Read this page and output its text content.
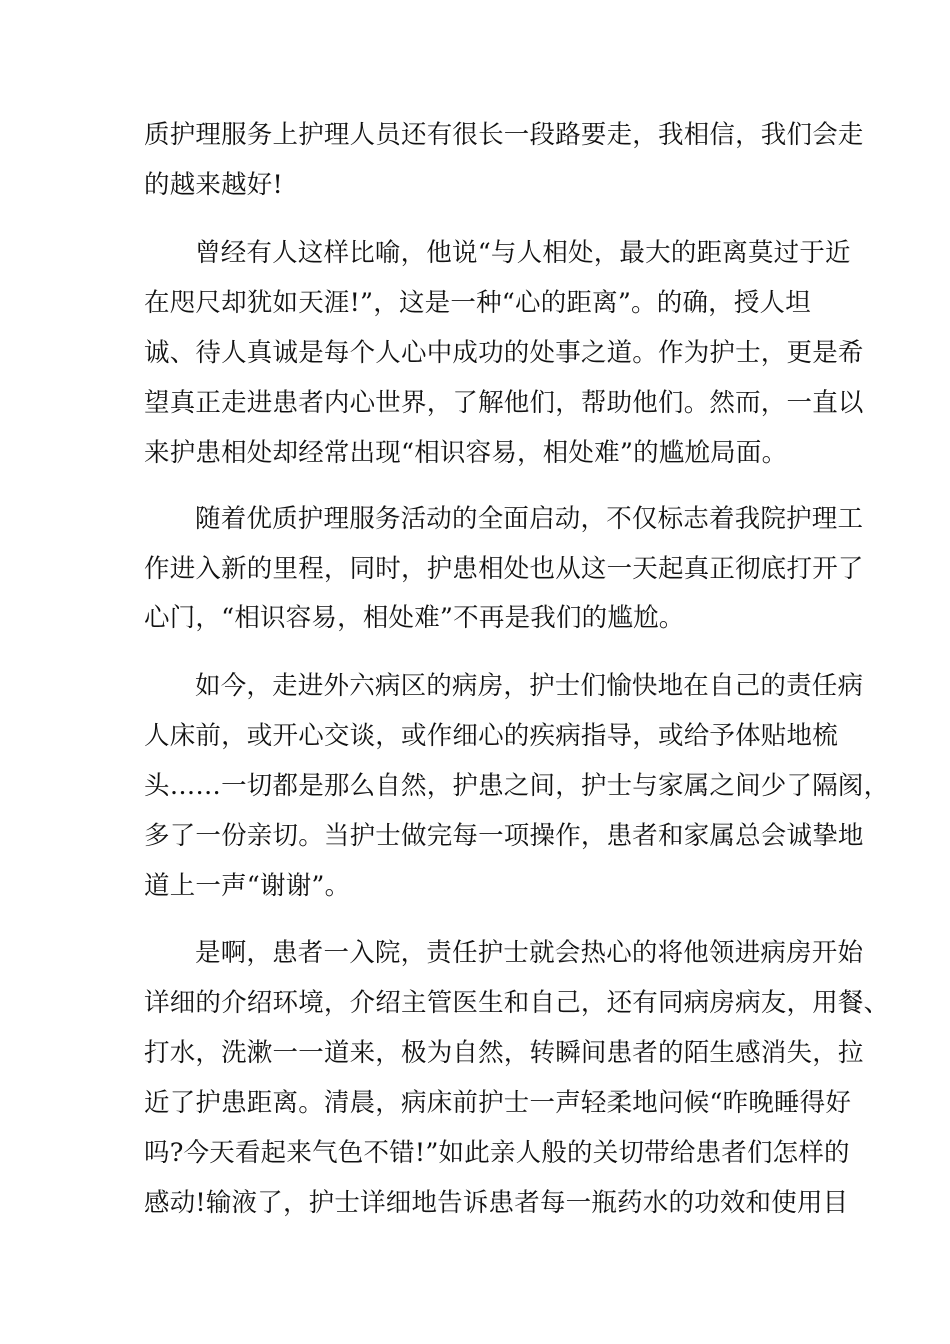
质护理服务上护理人员还有很长一段路要走，我相信，我们会走
的越来越好!
曾经有人这样比喻，他说“与人相处，最大的距离莫过于近
在咫尺却犹如天涯!”，这是一种“心的距离”。的确，授人坦
诚、待人真诚是每个人心中成功的处事之道。作为护士，更是希
望真正走进患者内心世界，了解他们，帮助他们。然而，一直以
来护患相处却经常出现“相识容易，相处难”的尴尬局面。
随着优质护理服务活动的全面启动，不仅标志着我院护理工
作进入新的里程，同时，护患相处也从这一天起真正彻底打开了
心门，“相识容易，相处难”不再是我们的尴尬。
如今，走进外六病区的病房，护士们愉快地在自己的责任病
人床前，或开心交谈，或作细心的疾病指导，或给予体贴地梳
头……一切都是那么自然，护患之间，护士与家属之间少了隔阂，
多了一份亲切。当护士做完每一项操作，患者和家属总会诚挚地
道上一声“谢谢”。
是啊，患者一入院，责任护士就会热心的将他领进病房开始
详细的介绍环境，介绍主管医生和自己，还有同病房病友，用餐、
打水，洗漱一一道来，极为自然，转瞬间患者的陌生感消失，拉
近了护患距离。清晨，病床前护士一声轻柔地问候“昨晚睡得好
吗?今天看起来气色不错!”如此亲人般的关切带给患者们怎样的
感动!输液了，护士详细地告诉患者每一瓶药水的功效和使用目
